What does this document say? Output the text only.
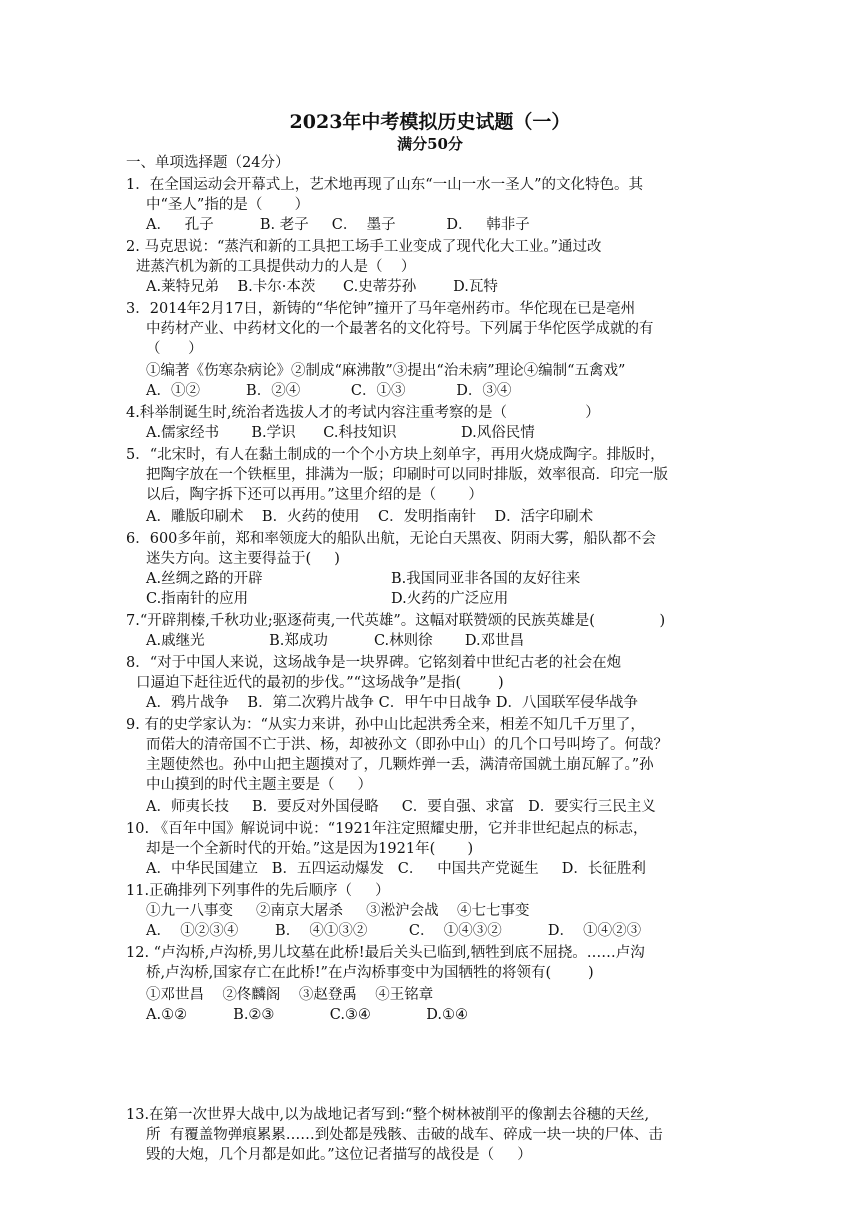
2023年中考模拟历史试题（一）
满分50分
一、单项选择题（24分）
1．在全国运动会开幕式上，艺术地再现了山东“一山一水一圣人”的文化特色。其
中“圣人”指的是（       ）
A．   孔子          B. 老子     C．  墨子           D．   韩非子
2. 马克思说：“蒸汽和新的工具把工场手工业变成了现代化大工业。”通过改
进蒸汽机为新的工具提供动力的人是（    ）
A.莱特兄弟    B.卡尔·本茨      C.史蒂芬孙        D.瓦特
3．2014年2月17日，新铸的“华佗钟”撞开了马年亳州药市。华佗现在已是亳州
中药材产业、中药材文化的一个最著名的文化符号。下列属于华佗医学成就的有
（      ）
①编著《伤寒杂病论》②制成“麻沸散”③提出“治未病”理论④编制“五禽戏”
A．①②          B．②④           C．①③           D．③④
4.科举制诞生时,统治者选拔人才的考试内容注重考察的是（                 ）
A.儒家经书       B.学识      C.科技知识              D.风俗民情
5．“北宋时，有人在黏土制成的一个个小方块上刻单字，再用火烧成陶字。排版时，
把陶字放在一个铁框里，排满为一版；印刷时可以同时排版，效率很高．印完一版
以后，陶字拆下还可以再用。”这里介绍的是（       ）
A．雕版印刷术    B．火药的使用    C．发明指南针    D．活字印刷术
6．600多年前，郑和率领庞大的船队出航，无论白天黑夜、阴雨大雾，船队都不会
迷失方向。这主要得益于(     )
A.丝绸之路的开辟	B.我国同亚非各国的友好往来
C.指南针的应用	D.火药的广泛应用
7.“开辟荆榛,千秋功业;驱逐荷夷,一代英雄”。这幅对联赞颂的民族英雄是(              )
A.戚继光              B.郑成功          C.林则徐       D.邓世昌
8．“对于中国人来说，这场战争是一块界碑。它铭刻着中世纪古老的社会在炮
口逼迫下赶往近代的最初的步伐。”“这场战争”是指(        )
A．鸦片战争    B．第二次鸦片战争 C．甲午中日战争 D．八国联军侵华战争
9. 有的史学家认为：“从实力来讲，孙中山比起洪秀全来，相差不知几千万里了，
而偌大的清帝国不亡于洪、杨，却被孙文（即孙中山）的几个口号叫垮了。何哉？
主题使然也。孙中山把主题摸对了，几颗炸弹一丢，满清帝国就土崩瓦解了。”孙
中山摸到的时代主题主要是（     ）
A．师夷长技     B．要反对外国侵略     C．要自强、求富   D．要实行三民主义
10. 《百年中国》解说词中说：“1921年注定照耀史册，它并非世纪起点的标志，
却是一个全新时代的开始。”这是因为1921年(       )
A．中华民国建立   B．五四运动爆发   C．   中国共产党诞生     D．长征胜利
11.正确排列下列事件的先后顺序（     ）
①九一八事变     ②南京大屠杀     ③淞沪会战    ④七七事变
A．  ①②③④        B．  ④①③②         C．  ①④③②          D．  ①④②③
12. “卢沟桥,卢沟桥,男儿坟墓在此桥!最后关头已临到,牺牲到底不屈挠。……卢沟
桥,卢沟桥,国家存亡在此桥!”在卢沟桥事变中为国牺牲的将领有(        )
①邓世昌    ②佟麟阁    ③赵登禹    ④王铭章
A.①②          B.②③            C.③④            D.①④
13.在第一次世界大战中,以为战地记者写到:“整个树林被削平的像割去谷穗的天丝,
所  有覆盖物弹痕累累……到处都是残骸、击破的战车、碎成一块一块的尸体、击
毁的大炮，几个月都是如此。”这位记者描写的战役是（     ）
